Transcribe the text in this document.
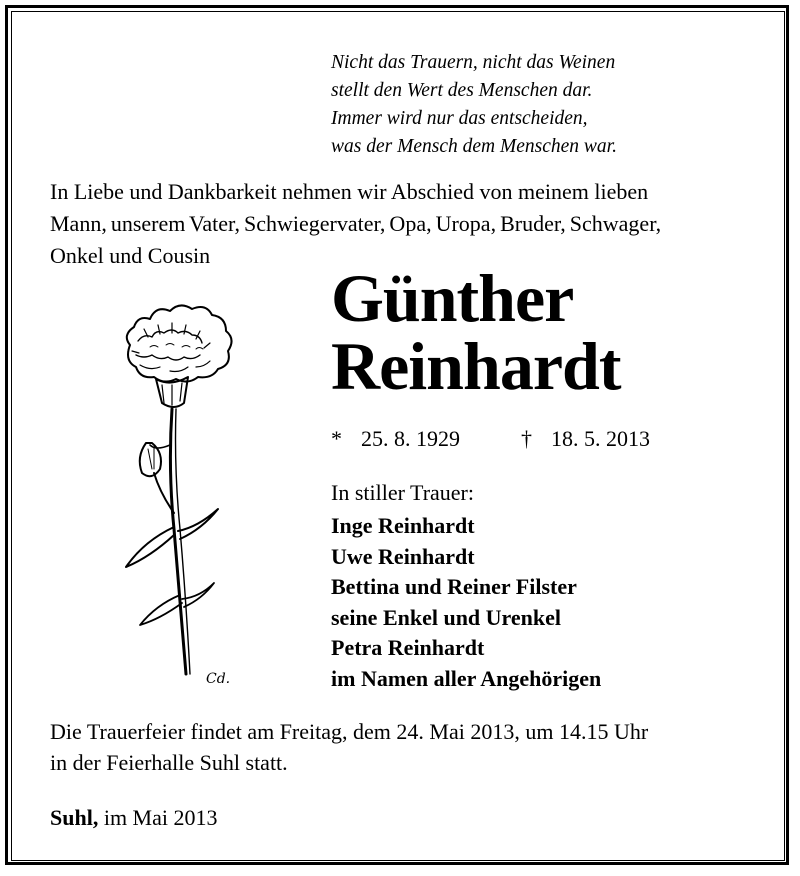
Nicht das Trauern, nicht das Weinen
stellt den Wert des Menschen dar.
Immer wird nur das entscheiden,
was der Mensch dem Menschen war.
In Liebe und Dankbarkeit nehmen wir Abschied von meinem lieben
Mann, unserem Vater, Schwiegervater, Opa, Uropa, Bruder, Schwager,
Onkel und Cousin
Cd.
Günther
Reinhardt
* 25. 8. 1929	† 18. 5. 2013
In stiller Trauer:
Inge Reinhardt
Uwe Reinhardt
Bettina und Reiner Filster
seine Enkel und Urenkel
Petra Reinhardt
im Namen aller Angehörigen
Die Trauerfeier findet am Freitag, dem 24. Mai 2013, um 14.15 Uhr
in der Feierhalle Suhl statt.
Suhl, im Mai 2013
